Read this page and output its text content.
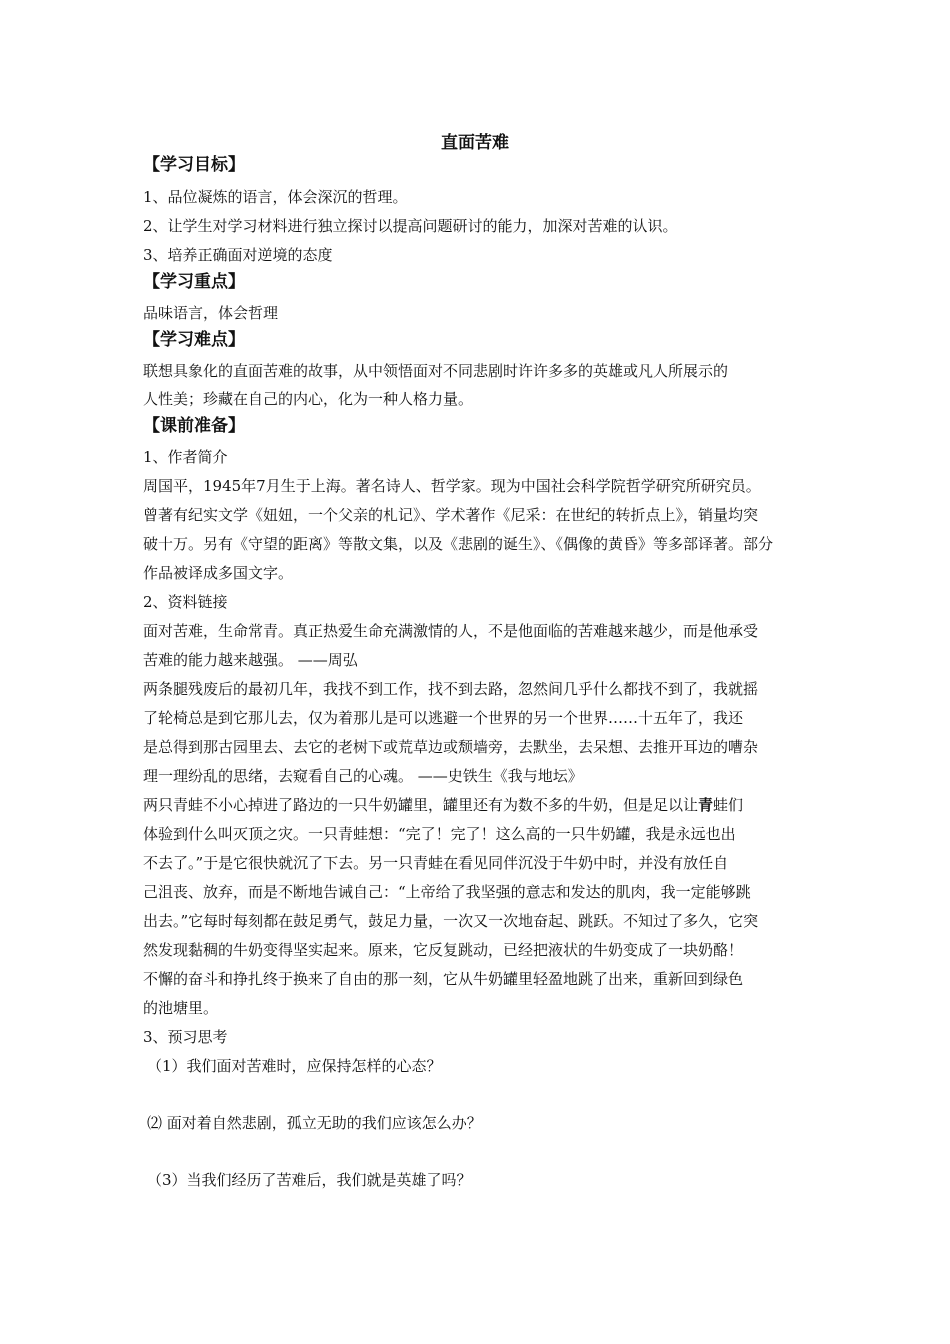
直面苦难
【学习目标】
1、品位凝炼的语言，体会深沉的哲理。
2、让学生对学习材料进行独立探讨以提高问题研讨的能力，加深对苦难的认识。
3、培养正确面对逆境的态度
【学习重点】
品味语言，体会哲理
【学习难点】
联想具象化的直面苦难的故事，从中领悟面对不同悲剧时许许多多的英雄或凡人所展示的
人性美；珍藏在自己的内心，化为一种人格力量。
【课前准备】
1、作者简介
周国平，1945年7月生于上海。著名诗人、哲学家。现为中国社会科学院哲学研究所研究员。
曾著有纪实文学《妞妞，一个父亲的札记》、学术著作《尼采：在世纪的转折点上》，销量均突
破十万。另有《守望的距离》等散文集，以及《悲剧的诞生》、《偶像的黄昏》等多部译著。部分
作品被译成多国文字。
2、资料链接
面对苦难，生命常青。真正热爱生命充满激情的人，不是他面临的苦难越来越少，而是他承受
苦难的能力越来越强。 ——周弘
两条腿残废后的最初几年，我找不到工作，找不到去路，忽然间几乎什么都找不到了，我就摇
了轮椅总是到它那儿去，仅为着那儿是可以逃避一个世界的另一个世界……十五年了，我还
是总得到那古园里去、去它的老树下或荒草边或颓墙旁，去默坐，去呆想、去推开耳边的嘈杂
理一理纷乱的思绪，去窥看自己的心魂。 ——史铁生《我与地坛》
两只青蛙不小心掉进了路边的一只牛奶罐里，罐里还有为数不多的牛奶，但是足以让青蛙们
体验到什么叫灭顶之灾。一只青蛙想：“完了！完了！这么高的一只牛奶罐，我是永远也出
不去了。”于是它很快就沉了下去。另一只青蛙在看见同伴沉没于牛奶中时，并没有放任自
己沮丧、放弃，而是不断地告诫自己：“上帝给了我坚强的意志和发达的肌肉，我一定能够跳
出去。”它每时每刻都在鼓足勇气，鼓足力量，一次又一次地奋起、跳跃。不知过了多久，它突
然发现黏稠的牛奶变得坚实起来。原来，它反复跳动，已经把液状的牛奶变成了一块奶酪！
不懈的奋斗和挣扎终于换来了自由的那一刻，它从牛奶罐里轻盈地跳了出来，重新回到绿色
的池塘里。
3、预习思考
（1）我们面对苦难时，应保持怎样的心态？
⑵ 面对着自然悲剧，孤立无助的我们应该怎么办？
（3）当我们经历了苦难后，我们就是英雄了吗？
